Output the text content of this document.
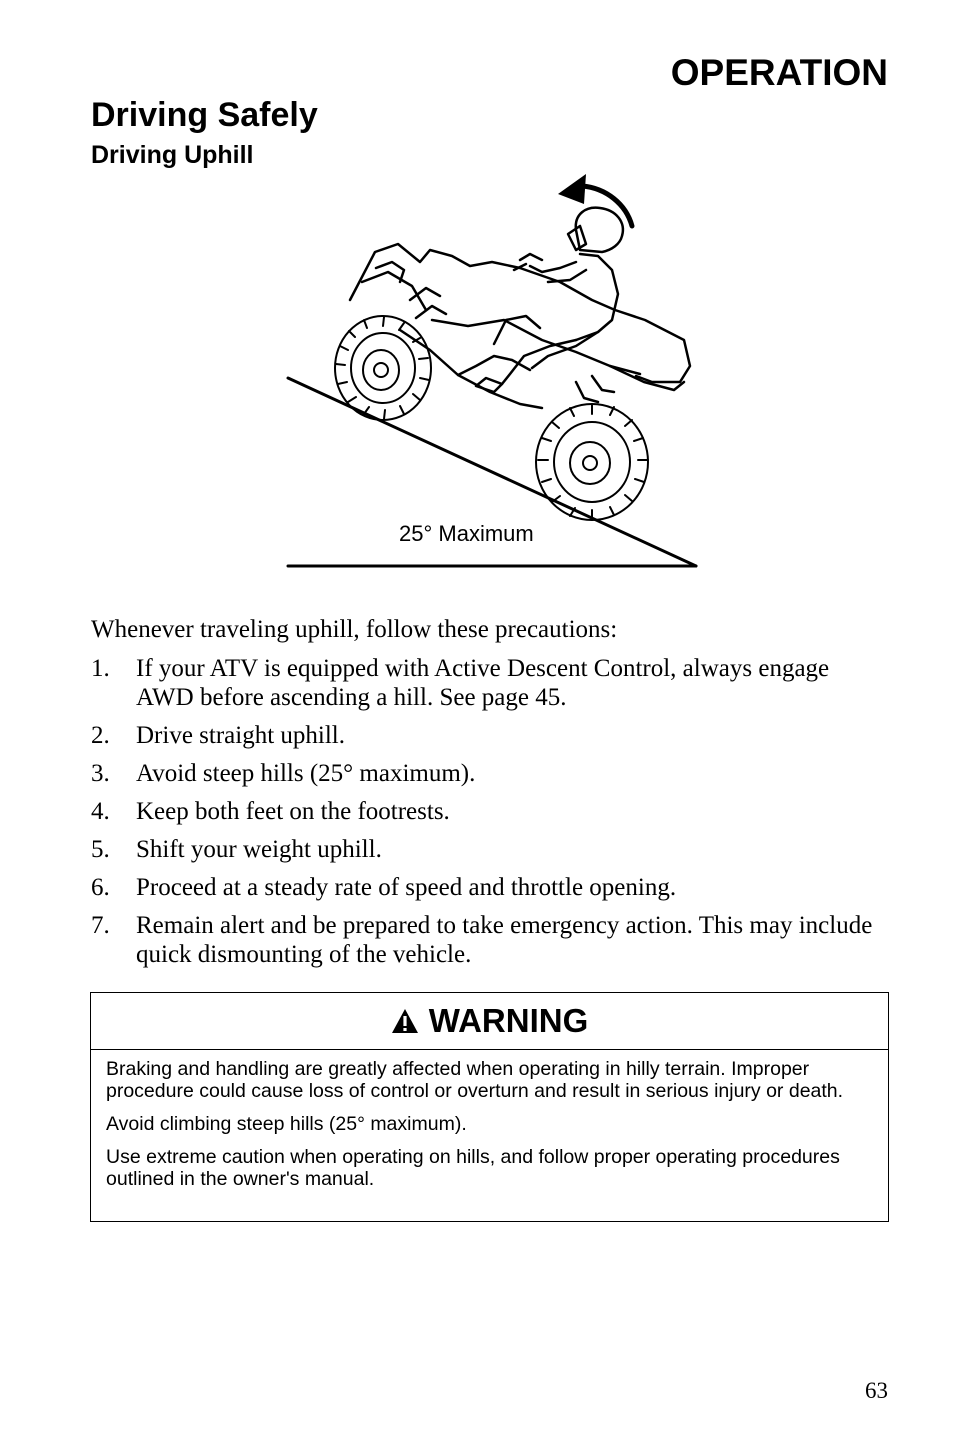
OPERATION
Driving Safely
Driving Uphill
25° Maximum
Whenever traveling uphill, follow these precautions:
1. If your ATV is equipped with Active Descent Control, always engage AWD before ascending a hill. See page 45.
2. Drive straight uphill.
3. Avoid steep hills (25° maximum).
4. Keep both feet on the footrests.
5. Shift your weight uphill.
6. Proceed at a steady rate of speed and throttle opening.
7. Remain alert and be prepared to take emergency action. This may include quick dismounting of the vehicle.
WARNING

Braking and handling are greatly affected when operating in hilly terrain. Improper procedure could cause loss of control or overturn and result in serious injury or death.

Avoid climbing steep hills (25° maximum).

Use extreme caution when operating on hills, and follow proper operating procedures outlined in the owner's manual.

63
